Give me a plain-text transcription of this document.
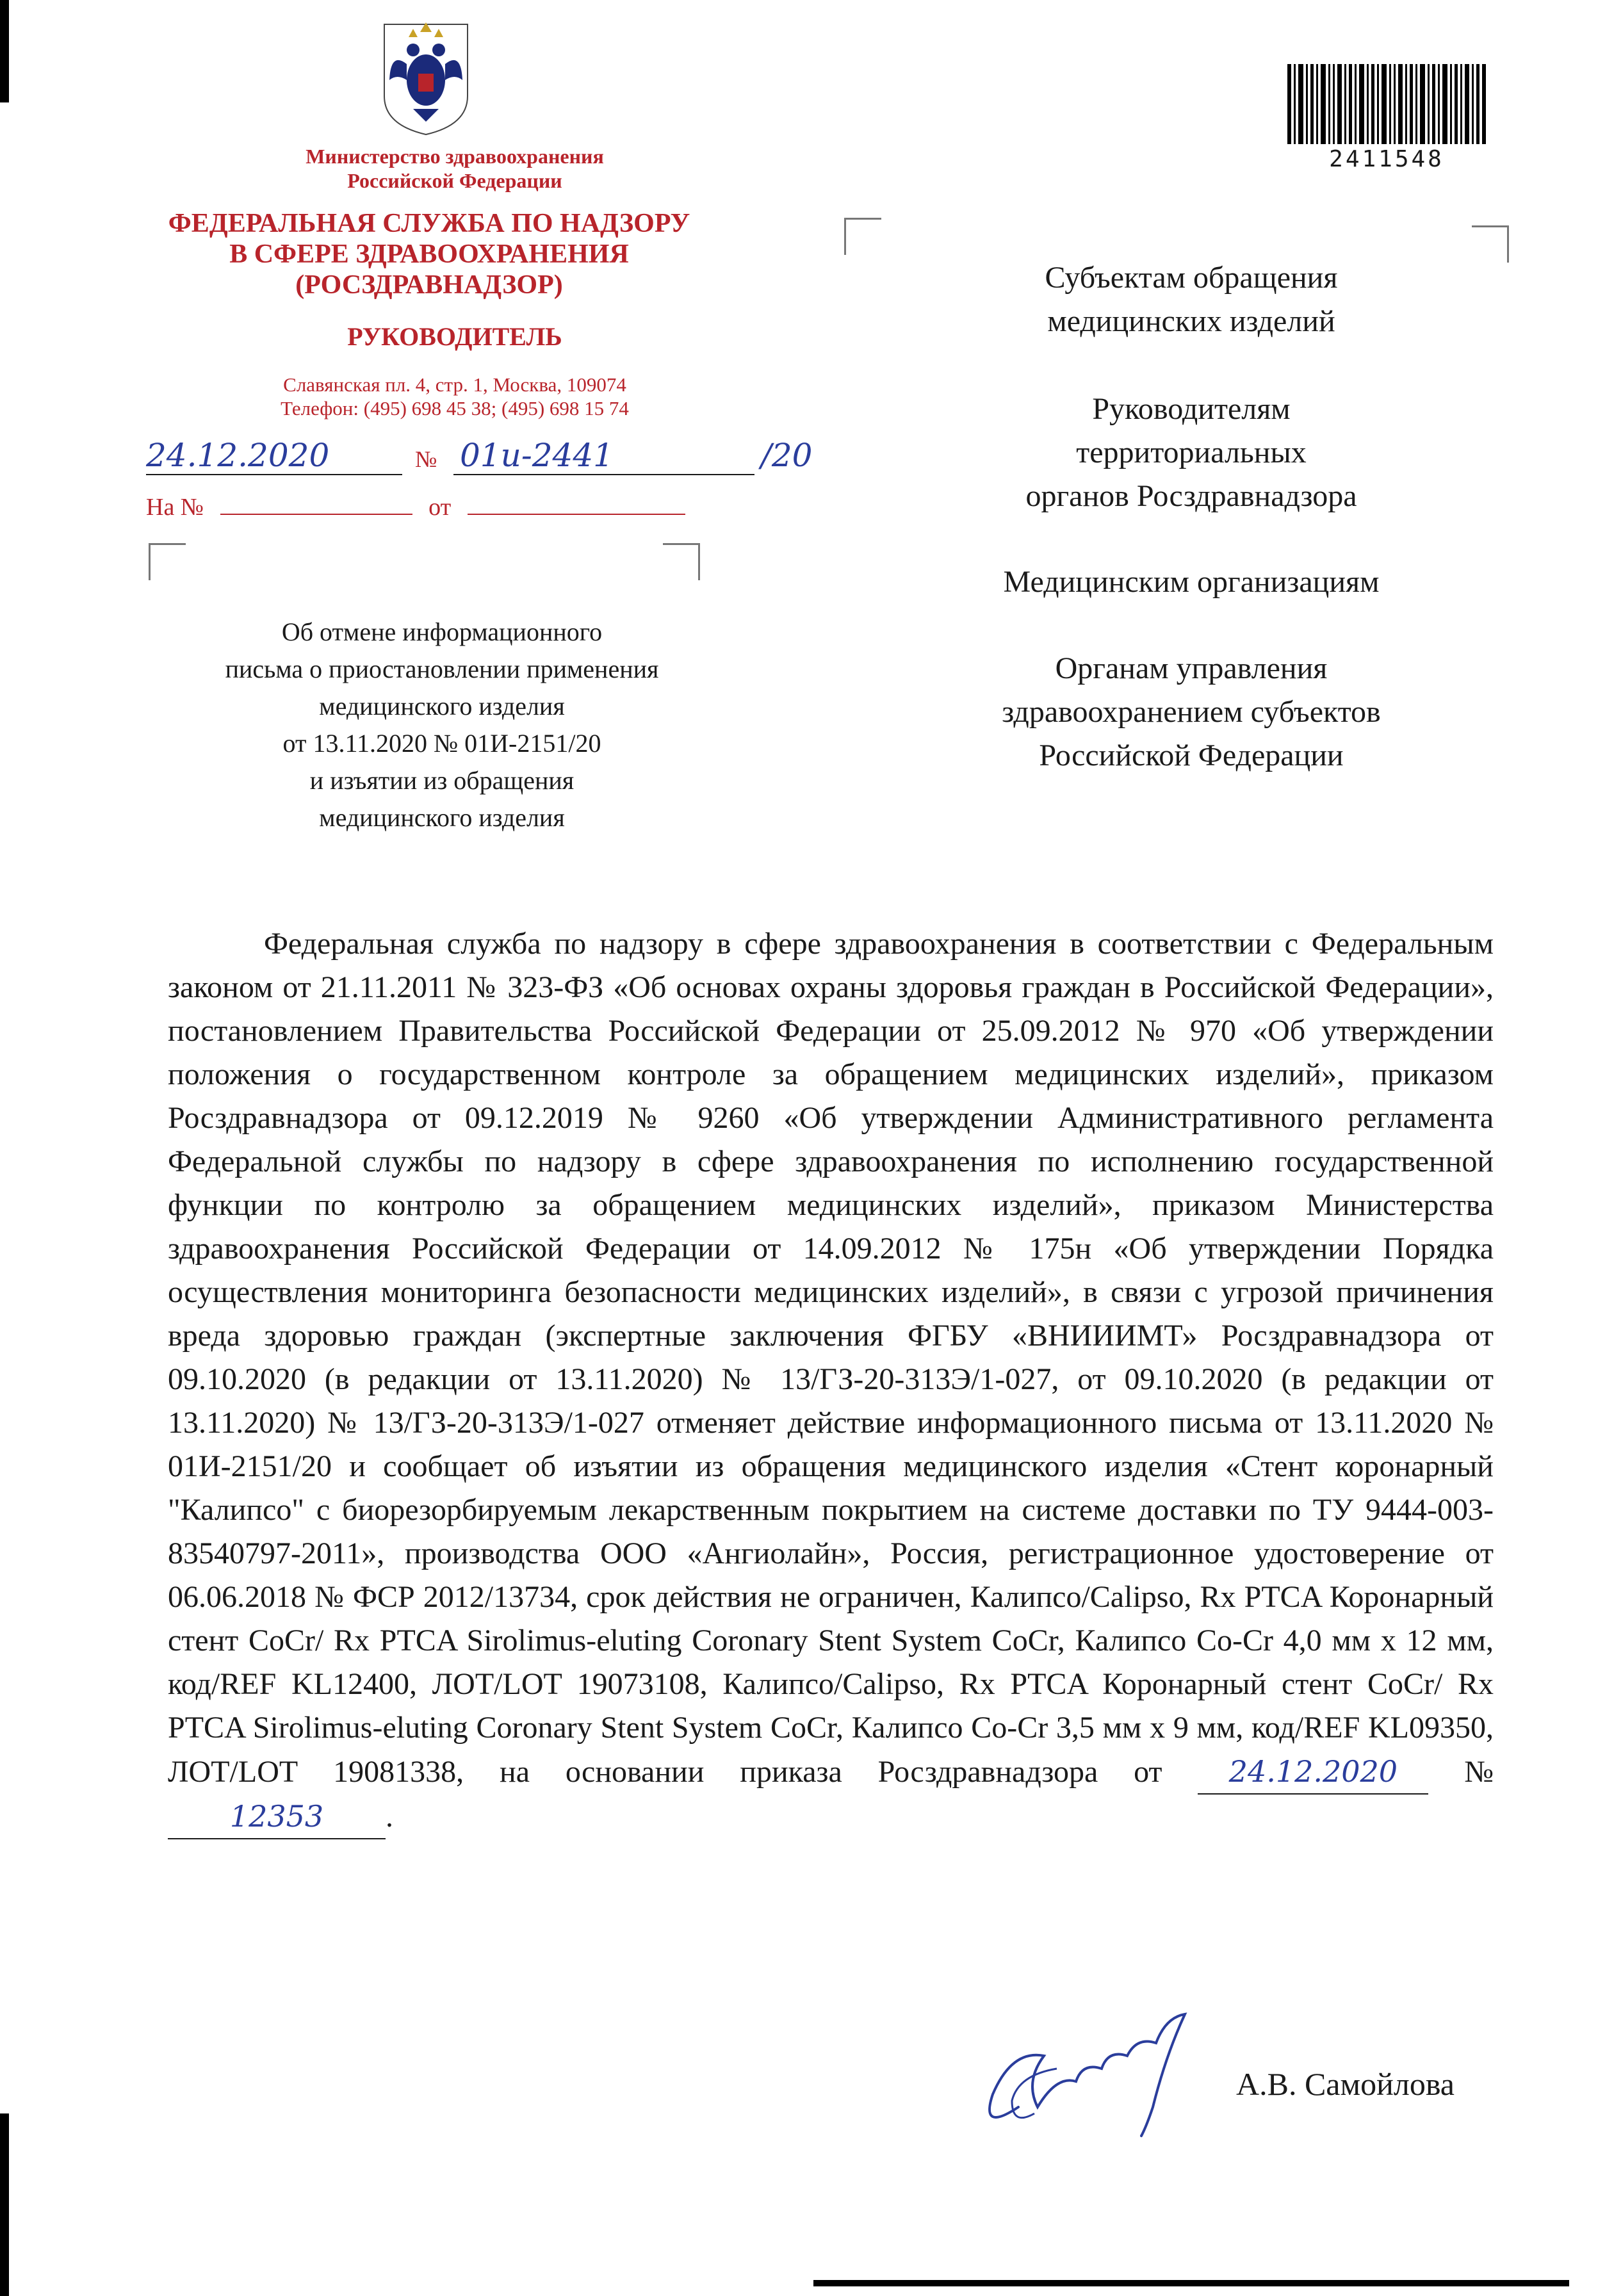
Министерство здравоохранения
Российской Федерации
ФЕДЕРАЛЬНАЯ СЛУЖБА ПО НАДЗОРУ
В СФЕРЕ ЗДРАВООХРАНЕНИЯ
(РОСЗДРАВНАДЗОР)
РУКОВОДИТЕЛЬ
Славянская пл. 4, стр. 1, Москва, 109074
Телефон: (495) 698 45 38; (495) 698 15 74
24.12.2020	№ 01и-2441	/20
На №	от
Об отмене информационного
письма о приостановлении применения
медицинского изделия
от 13.11.2020 № 01И-2151/20
и изъятии из обращения
медицинского изделия
2411548
Субъектам обращения
медицинских изделий
Руководителям
территориальных
органов Росздравнадзора
Медицинским организациям
Органам управления
здравоохранением субъектов
Российской Федерации

Федеральная служба по надзору в сфере здравоохранения в соответствии с Федеральным законом от 21.11.2011 № 323-ФЗ «Об основах охраны здоровья граждан в Российской Федерации», постановлением Правительства Российской Федерации от 25.09.2012 № 970 «Об утверждении положения о государственном контроле за обращением медицинских изделий», приказом Росздравнадзора от 09.12.2019 № 9260 «Об утверждении Административного регламента Федеральной службы по надзору в сфере здравоохранения по исполнению государственной функции по контролю за обращением медицинских изделий», приказом Министерства здравоохранения Российской Федерации от 14.09.2012 № 175н «Об утверждении Порядка осуществления мониторинга безопасности медицинских изделий», в связи с угрозой причинения вреда здоровью граждан (экспертные заключения ФГБУ «ВНИИИМТ» Росздравнадзора от 09.10.2020 (в редакции от 13.11.2020) № 13/ГЗ-20-313Э/1-027, от 09.10.2020 (в редакции от 13.11.2020) № 13/ГЗ-20-313Э/1-027 отменяет действие информационного письма от 13.11.2020 № 01И-2151/20 и сообщает об изъятии из обращения медицинского изделия «Стент коронарный "Калипсо" с биорезорбируемым лекарственным покрытием на системе доставки по ТУ 9444-003-83540797-2011», производства ООО «Ангиолайн», Россия, регистрационное удостоверение от 06.06.2018 № ФСР 2012/13734, срок действия не ограничен, Калипсо/Calipso, Rx PTCA Коронарный стент CoCr/ Rx PTCA Sirolimus-eluting Coronary Stent System CoCr, Калипсо Co-Cr 4,0 мм х 12 мм, код/REF KL12400, ЛОТ/LOT 19073108, Калипсо/Calipso, Rx PTCA Коронарный стент CoCr/ Rx PTCA Sirolimus-eluting Coronary Stent System CoCr, Калипсо Co-Cr 3,5 мм х 9 мм, код/REF KL09350, ЛОТ/LOT 19081338, на основании приказа Росздравнадзора от 24.12.2020 № 12353 .

А.В. Самойлова
